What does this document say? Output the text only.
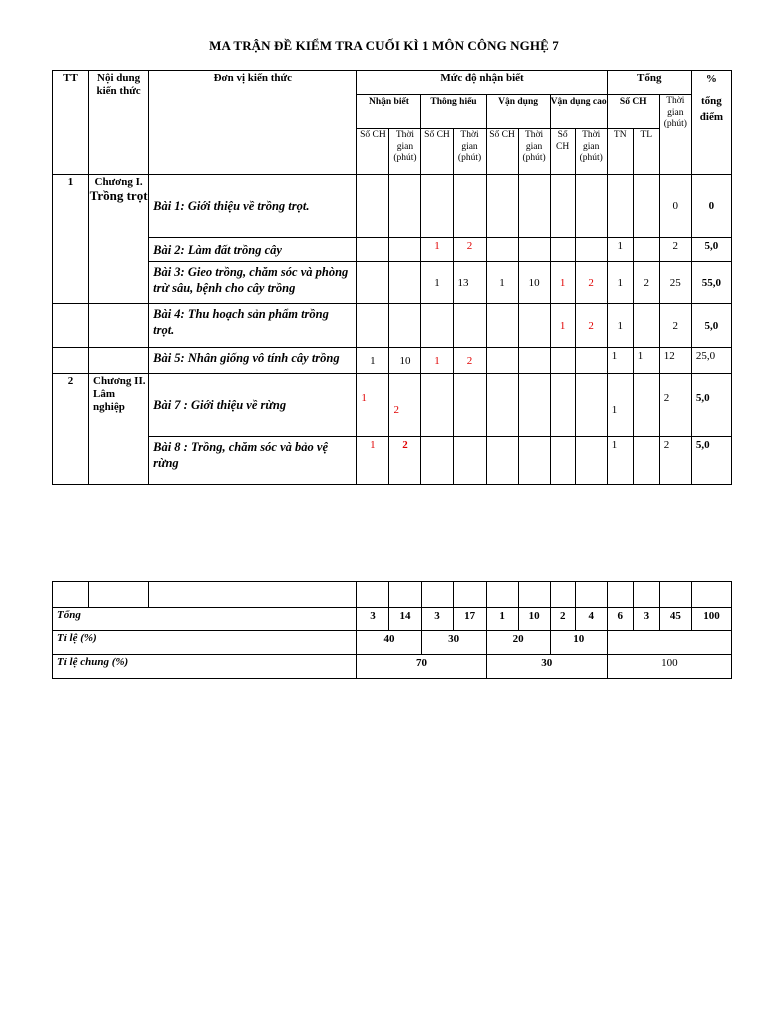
MA TRẬN ĐỀ KIỂM TRA CUỐI KÌ 1 MÔN CÔNG NGHỆ 7
TT	Nội dung kiến thức	Đơn vị kiến thức	Mức độ nhận biết								Tổng			%
tổng điểm

			Nhận biết		Thông hiểu		Vận dụng		Vận dụng cao		Số CH		Thời gian (phút)	
			Số CH	Thời gian (phút)	Số CH	Thời gian (phút)	Số CH	Thời gian (phút)	Số CH	Thời gian (phút)	TN	TL		
1	Chương I.
Trồng trọt	Bài 1: Giới thiệu về trồng trọt.											0	0
		Bài 2: Làm đất trồng cây			1	2					1		2	5,0
		Bài 3: Gieo trồng, chăm sóc và phòng trừ sâu, bệnh cho cây trồng			1	13	1	10	1	2	1	2	25	55,0
		Bài 4: Thu hoạch sản phẩm trồng trọt.							1	2	1		2	5,0
		Bài 5: Nhân giống vô tính cây trồng	1	10	1	2					1	1	12	25,0
2	Chương II. Lâm nghiệp	Bài 7 : Giới thiệu về rừng	1	2							1		2	5,0
		Bài 8 : Trồng, chăm sóc và bảo vệ rừng	1	2							1		2	5,0

Tổng			3	14	3	17	1	10	2	4	6	3	45	100
Tỉ lệ (%)			40		30		20		10					
Tỉ lệ chung (%)			70				30				100			
